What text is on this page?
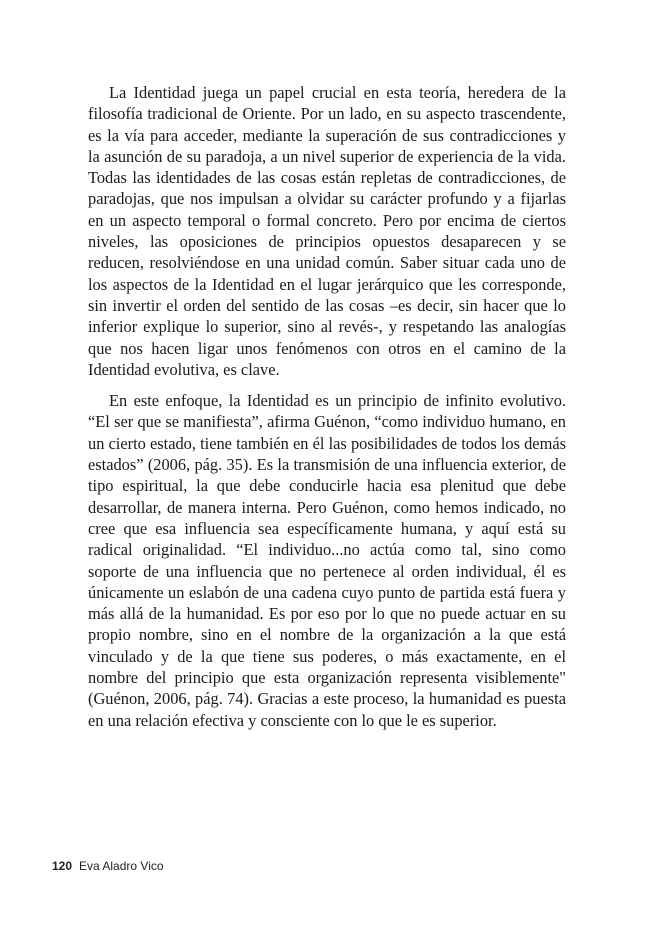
La Identidad juega un papel crucial en esta teoría, heredera de la filosofía tradicional de Oriente. Por un lado, en su aspecto trascendente, es la vía para acceder, mediante la superación de sus contradicciones y la asunción de su paradoja, a un nivel superior de experiencia de la vida. Todas las identidades de las cosas están repletas de contradicciones, de paradojas, que nos impulsan a olvidar su carácter profundo y a fijarlas en un aspecto temporal o formal concreto. Pero por encima de ciertos niveles, las oposiciones de principios opuestos desaparecen y se reducen, resolviéndose en una unidad común. Saber situar cada uno de los aspectos de la Identidad en el lugar jerárquico que les corresponde, sin invertir el orden del sentido de las cosas –es decir, sin hacer que lo inferior explique lo superior, sino al revés-, y respetando las analogías que nos hacen ligar unos fenómenos con otros en el camino de la Identidad evolutiva, es clave.

En este enfoque, la Identidad es un principio de infinito evolutivo. “El ser que se manifiesta”, afirma Guénon, “como individuo humano, en un cierto estado, tiene también en él las posibilidades de todos los demás estados” (2006, pág. 35). Es la transmisión de una influencia exterior, de tipo espiritual, la que debe conducirle hacia esa plenitud que debe desarrollar, de manera interna. Pero Guénon, como hemos indicado, no cree que esa influencia sea específicamente humana, y aquí está su radical originalidad. “El individuo...no actúa como tal, sino como soporte de una influencia que no pertenece al orden individual, él es únicamente un eslabón de una cadena cuyo punto de partida está fuera y más allá de la humanidad. Es por eso por lo que no puede actuar en su propio nombre, sino en el nombre de la organización a la que está vinculado y de la que tiene sus poderes, o más exactamente, en el nombre del principio que esta organización representa visiblemente" (Guénon, 2006, pág. 74). Gracias a este proceso, la humanidad es puesta en una relación efectiva y consciente con lo que le es superior.

120 Eva Aladro Vico
